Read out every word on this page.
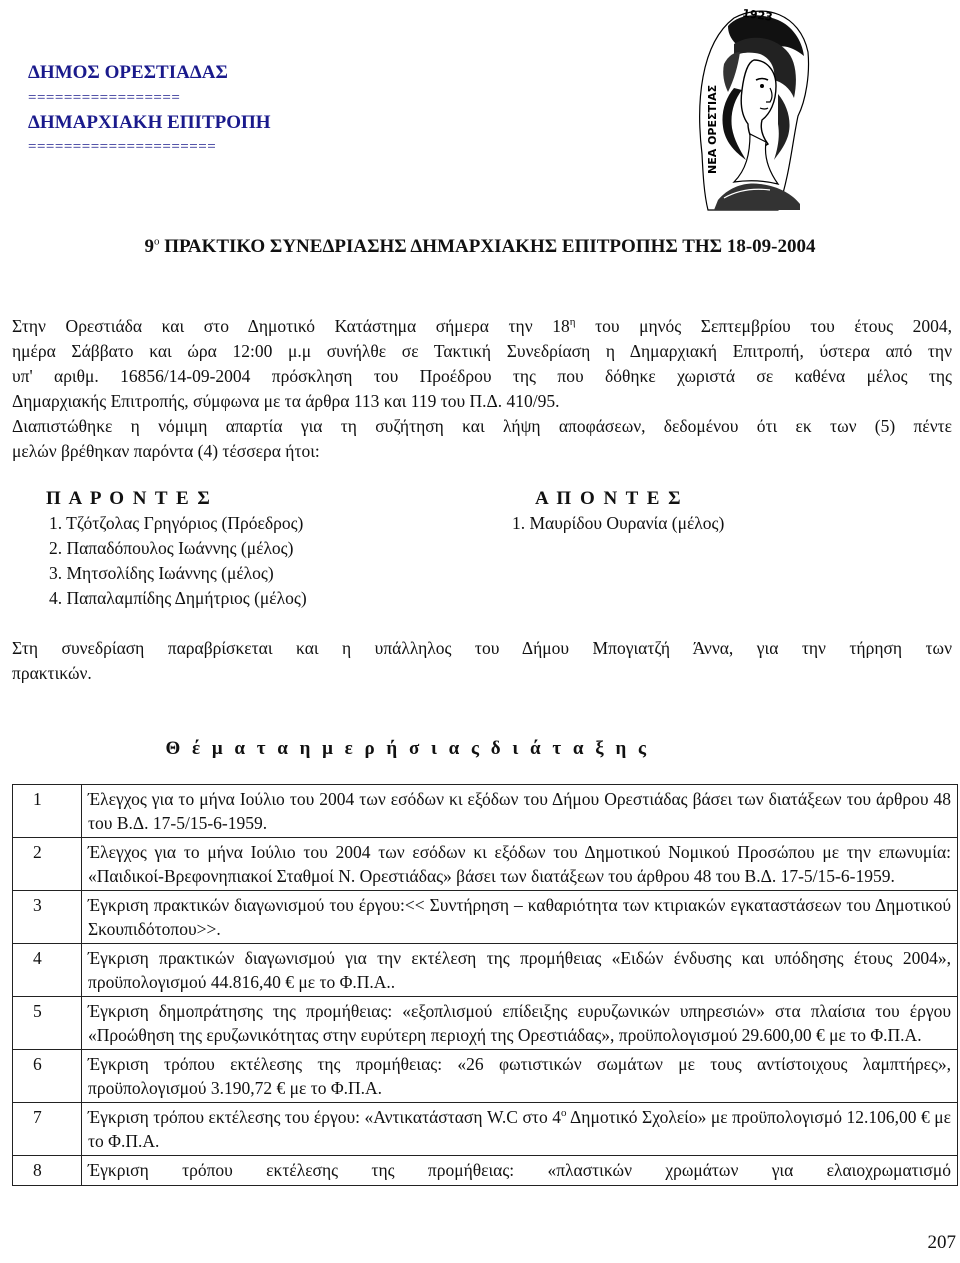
ΔΗΜΟΣ ΟΡΕΣΤΙΑΔΑΣ
=================
ΔΗΜΑΡΧΙΑΚΗ ΕΠΙΤΡΟΠΗ
=====================
1923
ΝΕΑ ΟΡΕΣΤΙΑΣ
$9^o$ ΠΡΑΚΤΙΚΟ ΣΥΝΕΔΡΙΑΣΗΣ ΔΗΜΑΡΧΙΑΚΗΣ ΕΠΙΤΡΟΠΗΣ ΤΗΣ 18-09-2004
Στην Ορεστιάδα και στο Δημοτικό Κατάστημα σήμερα την $18^\eta$ του μηνός Σεπτεμβρίου του έτους 2004,
ημέρα Σάββατο και ώρα 12:00 μ.μ συνήλθε σε Τακτική Συνεδρίαση η Δημαρχιακή Επιτροπή, ύστερα από την
υπ' αριθμ. 16856/14-09-2004 πρόσκληση του Προέδρου της που δόθηκε χωριστά σε καθένα μέλος της
Δημαρχιακής Επιτροπής, σύμφωνα με τα άρθρα 113 και 119 του Π.Δ. 410/95.
Διαπιστώθηκε η νόμιμη απαρτία για τη συζήτηση και λήψη αποφάσεων, δεδομένου ότι εκ των (5) πέντε
μελών βρέθηκαν παρόντα (4) τέσσερα ήτοι:
Π Α Ρ Ο Ν Τ Ε Σ	Α Π Ο Ν Τ Ε Σ
1. Τζότζολας Γρηγόριος (Πρόεδρος)
2. Παπαδόπουλος Ιωάννης (μέλος)
3. Μητσολίδης Ιωάννης (μέλος)
4. Παπαλαμπίδης Δημήτριος (μέλος)
1. Μαυρίδου Ουρανία (μέλος)
Στη συνεδρίαση παραβρίσκεται και η υπάλληλος του Δήμου Μπογιατζή Άννα, για την τήρηση των
πρακτικών.
Θ έ μ α τ α η μ ε ρ ή σ ι α ς δ ι ά τ α ξ η ς
1	Έλεγχος για το μήνα Ιούλιο του 2004 των εσόδων κι εξόδων του Δήμου Ορεστιάδας βάσει των διατάξεων του άρθρου 48 του Β.Δ. 17-5/15-6-1959.
2	Έλεγχος για το μήνα Ιούλιο του 2004 των εσόδων κι εξόδων του Δημοτικού Νομικού Προσώπου με την επωνυμία: «Παιδικοί-Βρεφονηπιακοί Σταθμοί Ν. Ορεστιάδας» βάσει των διατάξεων του άρθρου 48 του Β.Δ. 17-5/15-6-1959.
3	Έγκριση πρακτικών διαγωνισμού του έργου:<< Συντήρηση – καθαριότητα των κτιριακών εγκαταστάσεων του Δημοτικού Σκουπιδότοπου>>.
4	Έγκριση πρακτικών διαγωνισμού για την εκτέλεση της προμήθειας «Ειδών ένδυσης και υπόδησης έτους 2004», προϋπολογισμού 44.816,40 € με το Φ.Π.Α..
5	Έγκριση δημοπράτησης της προμήθειας: «εξοπλισμού επίδειξης ευρυζωνικών υπηρεσιών» στα πλαίσια του έργου «Προώθηση της ερυζωνικότητας στην ευρύτερη περιοχή της Ορεστιάδας», προϋπολογισμού 29.600,00 € με το Φ.Π.Α.
6	Έγκριση τρόπου εκτέλεσης της προμήθειας: «26 φωτιστικών σωμάτων με τους αντίστοιχους λαμπτήρες», προϋπολογισμού 3.190,72 € με το Φ.Π.Α.
7	Έγκριση τρόπου εκτέλεσης του έργου: «Αντικατάσταση W.C στο $4^o$ Δημοτικό Σχολείο» με προϋπολογισμό 12.106,00 € με το Φ.Π.Α.
8	Έγκριση τρόπου εκτέλεσης της προμήθειας: «πλαστικών χρωμάτων για ελαιοχρωματισμό
207
